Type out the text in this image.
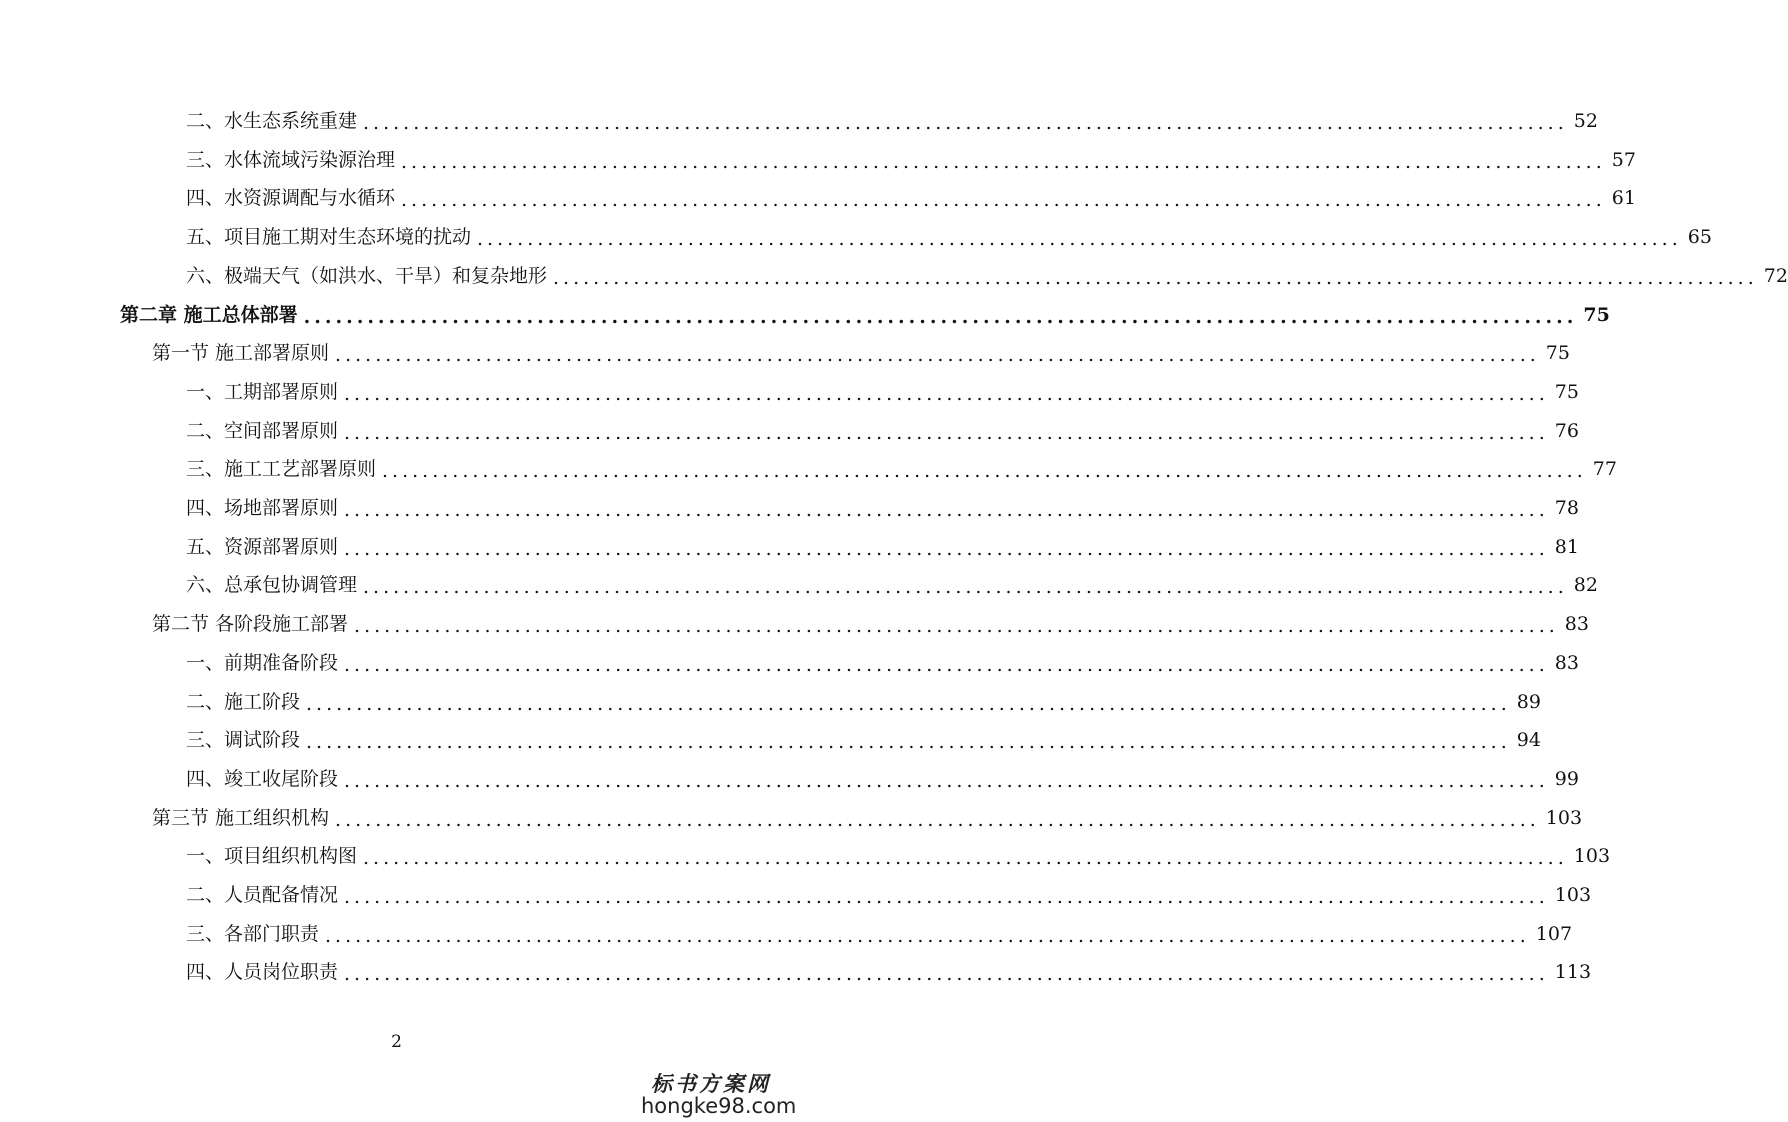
二、水生态系统重建 ........................................................................................................................ 52
三、水体流域污染源治理 ........................................................................................................................ 57
四、水资源调配与水循环 ........................................................................................................................ 61
五、项目施工期对生态环境的扰动 ........................................................................................................................ 65
六、极端天气（如洪水、干旱）和复杂地形 ........................................................................................................................ 72
第二章 施工总体部署 ........................................................................................................................ 75
第一节 施工部署原则 ........................................................................................................................ 75
一、工期部署原则 ........................................................................................................................ 75
二、空间部署原则 ........................................................................................................................ 76
三、施工工艺部署原则 ........................................................................................................................ 77
四、场地部署原则 ........................................................................................................................ 78
五、资源部署原则 ........................................................................................................................ 81
六、总承包协调管理 ........................................................................................................................ 82
第二节 各阶段施工部署 ........................................................................................................................ 83
一、前期准备阶段 ........................................................................................................................ 83
二、施工阶段 ........................................................................................................................ 89
三、调试阶段 ........................................................................................................................ 94
四、竣工收尾阶段 ........................................................................................................................ 99
第三节 施工组织机构 ........................................................................................................................ 103
一、项目组织机构图 ........................................................................................................................ 103
二、人员配备情况 ........................................................................................................................ 103
三、各部门职责 ........................................................................................................................ 107
四、人员岗位职责 ........................................................................................................................ 113
2
标书方案网
hongke98.com
